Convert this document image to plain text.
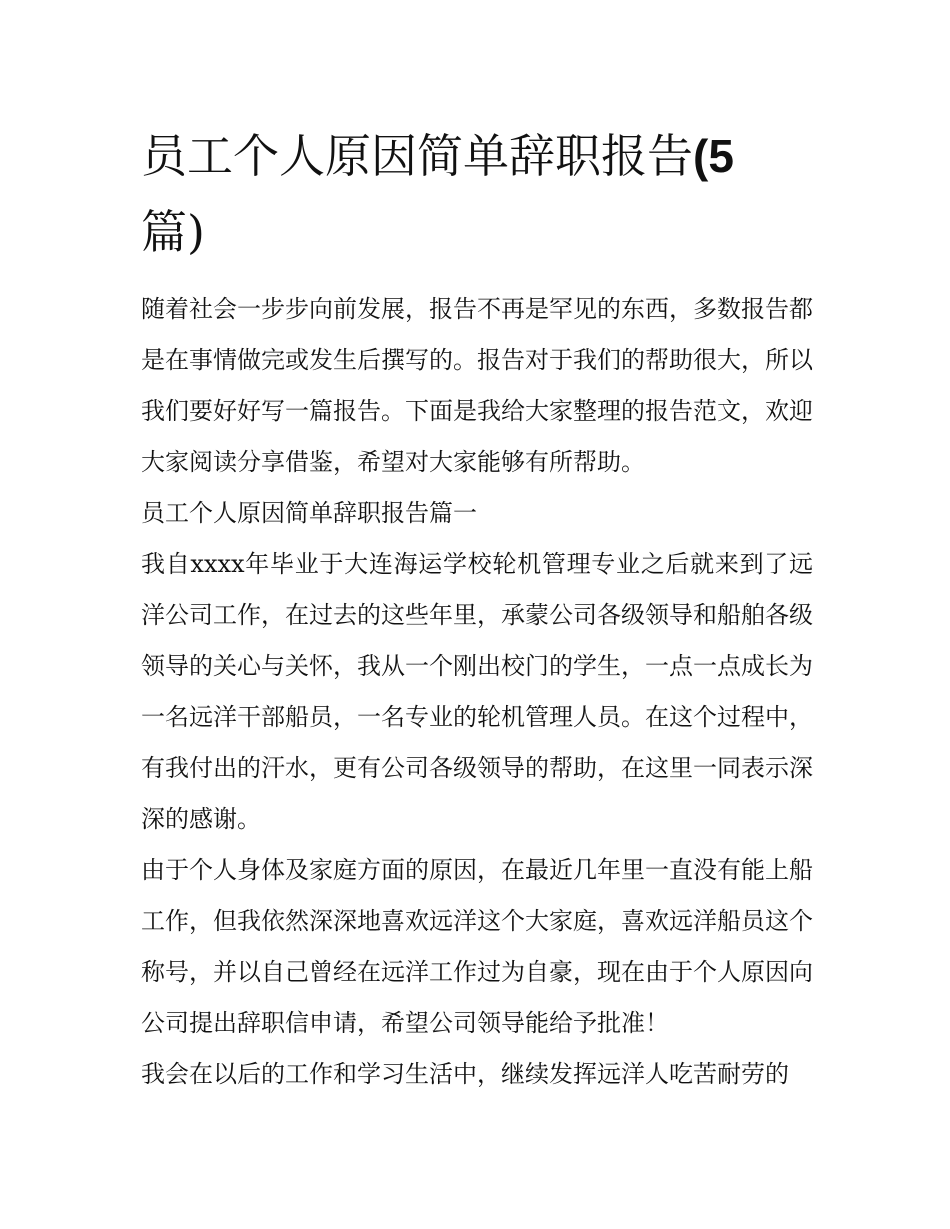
员工个人原因简单辞职报告(5
篇)

随着社会一步步向前发展，报告不再是罕见的东西，多数报告都是在事情做完或发生后撰写的。报告对于我们的帮助很大，所以我们要好好写一篇报告。下面是我给大家整理的报告范文，欢迎大家阅读分享借鉴，希望对大家能够有所帮助。

员工个人原因简单辞职报告篇一

我自xxxx年毕业于大连海运学校轮机管理专业之后就来到了远洋公司工作，在过去的这些年里，承蒙公司各级领导和船舶各级领导的关心与关怀，我从一个刚出校门的学生，一点一点成长为一名远洋干部船员，一名专业的轮机管理人员。在这个过程中，有我付出的汗水，更有公司各级领导的帮助，在这里一同表示深深的感谢。

由于个人身体及家庭方面的原因，在最近几年里一直没有能上船工作，但我依然深深地喜欢远洋这个大家庭，喜欢远洋船员这个称号，并以自己曾经在远洋工作过为自豪，现在由于个人原因向公司提出辞职信申请，希望公司领导能给予批准！

我会在以后的工作和学习生活中，继续发挥远洋人吃苦耐劳的
